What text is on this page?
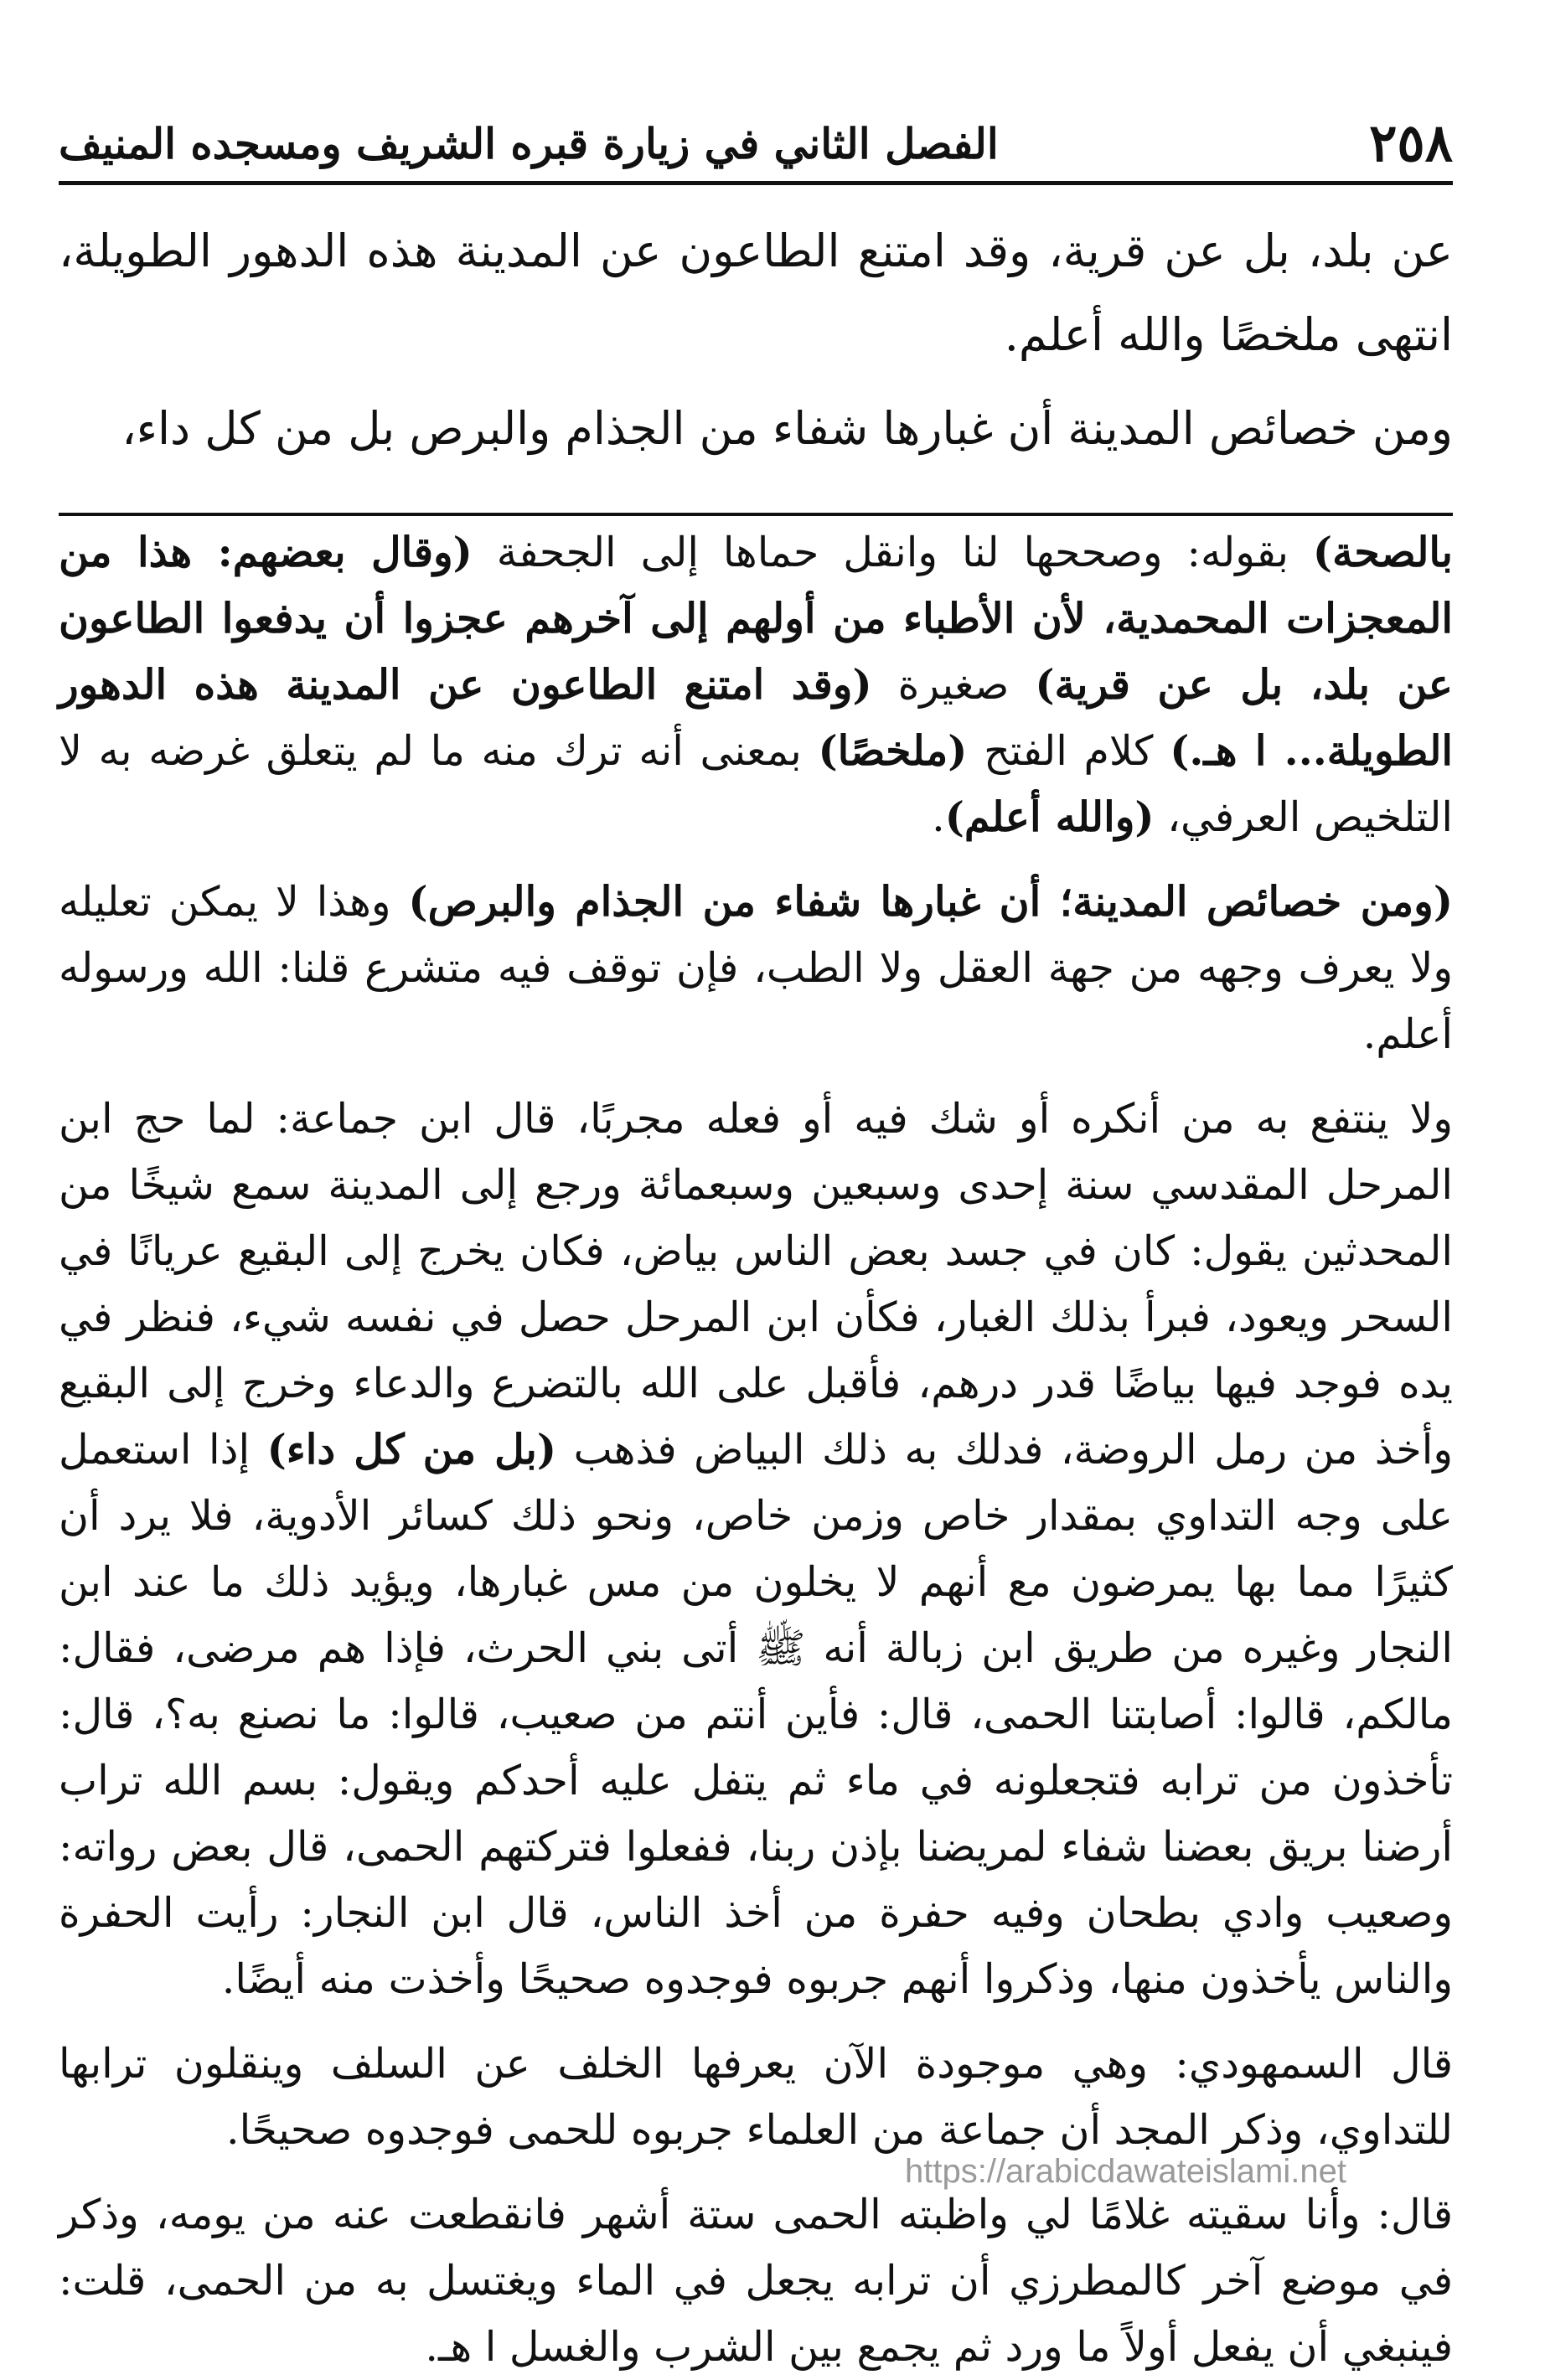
٢٥٨
الفصل الثاني في زيارة قبره الشريف ومسجده المنيف

عن بلد، بل عن قرية، وقد امتنع الطاعون عن المدينة هذه الدهور الطويلة، انتهى ملخصًا والله أعلم.

ومن خصائص المدينة أن غبارها شفاء من الجذام والبرص بل من كل داء،

بالصحة) بقوله: وصححها لنا وانقل حماها إلى الجحفة (وقال بعضهم: هذا من المعجزات المحمدية، لأن الأطباء من أولهم إلى آخرهم عجزوا أن يدفعوا الطاعون عن بلد، بل عن قرية) صغيرة (وقد امتنع الطاعون عن المدينة هذه الدهور الطويلة... ا هـ.) كلام الفتح (ملخصًا) بمعنى أنه ترك منه ما لم يتعلق غرضه به لا التلخيص العرفي، (والله أعلم).

(ومن خصائص المدينة؛ أن غبارها شفاء من الجذام والبرص) وهذا لا يمكن تعليله ولا يعرف وجهه من جهة العقل ولا الطب، فإن توقف فيه متشرع قلنا: الله ورسوله أعلم.

ولا ينتفع به من أنكره أو شك فيه أو فعله مجربًا، قال ابن جماعة: لما حج ابن المرحل المقدسي سنة إحدى وسبعين وسبعمائة ورجع إلى المدينة سمع شيخًا من المحدثين يقول: كان في جسد بعض الناس بياض، فكان يخرج إلى البقيع عريانًا في السحر ويعود، فبرأ بذلك الغبار، فكأن ابن المرحل حصل في نفسه شيء، فنظر في يده فوجد فيها بياضًا قدر درهم، فأقبل على الله بالتضرع والدعاء وخرج إلى البقيع وأخذ من رمل الروضة، فدلك به ذلك البياض فذهب (بل من كل داء) إذا استعمل على وجه التداوي بمقدار خاص وزمن خاص، ونحو ذلك كسائر الأدوية، فلا يرد أن كثيرًا مما بها يمرضون مع أنهم لا يخلون من مس غبارها، ويؤيد ذلك ما عند ابن النجار وغيره من طريق ابن زبالة أنه ﷺ أتى بني الحرث، فإذا هم مرضى، فقال: مالكم، قالوا: أصابتنا الحمى، قال: فأين أنتم من صعيب، قالوا: ما نصنع به؟، قال: تأخذون من ترابه فتجعلونه في ماء ثم يتفل عليه أحدكم ويقول: بسم الله تراب أرضنا بريق بعضنا شفاء لمريضنا بإذن ربنا، ففعلوا فتركتهم الحمى، قال بعض رواته: وصعيب وادي بطحان وفيه حفرة من أخذ الناس، قال ابن النجار: رأيت الحفرة والناس يأخذون منها، وذكروا أنهم جربوه فوجدوه صحيحًا وأخذت منه أيضًا.

قال السمهودي: وهي موجودة الآن يعرفها الخلف عن السلف وينقلون ترابها للتداوي، وذكر المجد أن جماعة من العلماء جربوه للحمى فوجدوه صحيحًا.

قال: وأنا سقيته غلامًا لي واظبته الحمى ستة أشهر فانقطعت عنه من يومه، وذكر في موضع آخر كالمطرزي أن ترابه يجعل في الماء ويغتسل به من الحمى، قلت: فينبغي أن يفعل أولاً ما ورد ثم يجمع بين الشرب والغسل ا هـ.

https://arabicdawateislami.net
